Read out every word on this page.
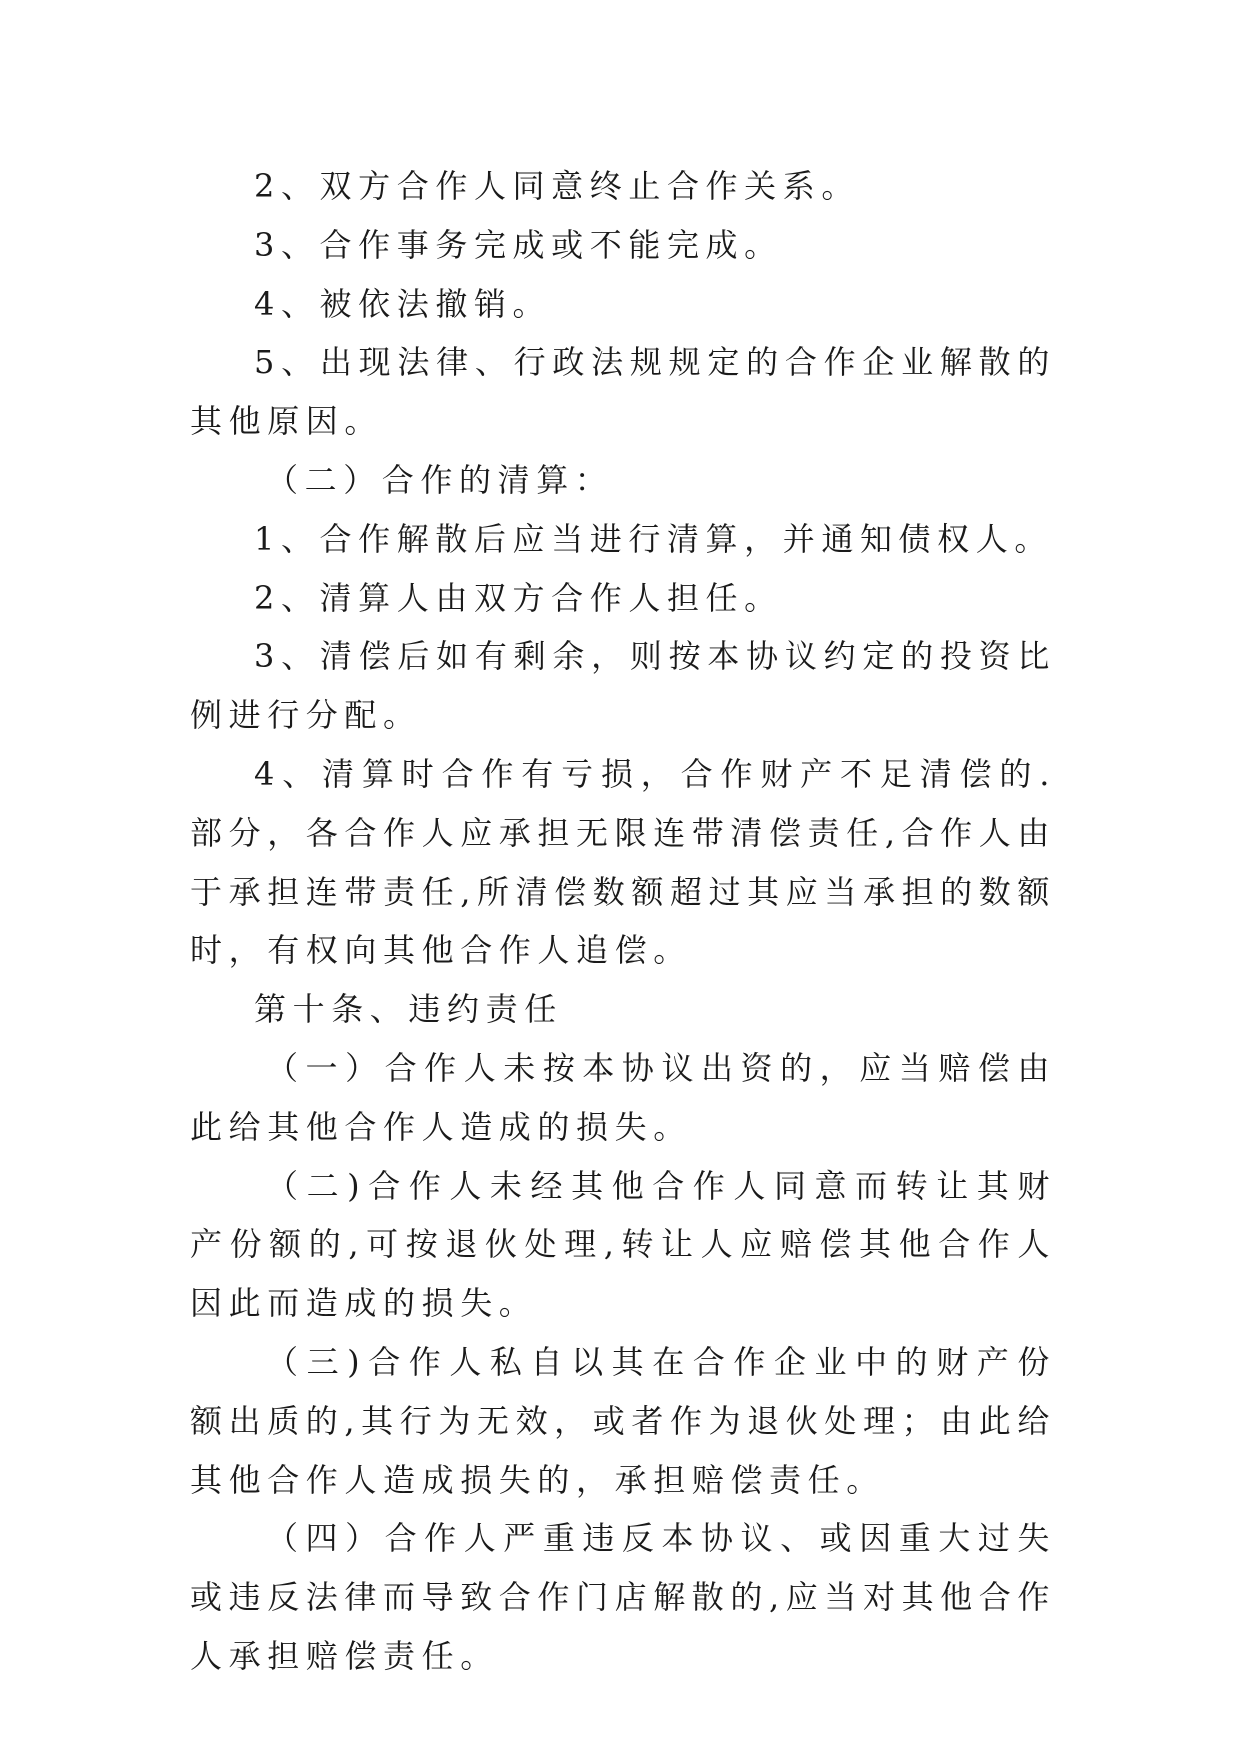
2、双方合作人同意终止合作关系。

3、合作事务完成或不能完成。

4、被依法撤销。

5、出现法律、行政法规规定的合作企业解散的其他原因。

（二）合作的清算：

1、合作解散后应当进行清算，并通知债权人。

2、清算人由双方合作人担任。

3、清偿后如有剩余，则按本协议约定的投资比例进行分配。

4、清算时合作有亏损，合作财产不足清偿的.部分，各合作人应承担无限连带清偿责任,合作人由于承担连带责任,所清偿数额超过其应当承担的数额时，有权向其他合作人追偿。

第十条、违约责任

（一）合作人未按本协议出资的，应当赔偿由此给其他合作人造成的损失。

（二)合作人未经其他合作人同意而转让其财产份额的,可按退伙处理,转让人应赔偿其他合作人因此而造成的损失。

（三)合作人私自以其在合作企业中的财产份额出质的,其行为无效，或者作为退伙处理；由此给其他合作人造成损失的，承担赔偿责任。

（四）合作人严重违反本协议、或因重大过失或违反法律而导致合作门店解散的,应当对其他合作人承担赔偿责任。
